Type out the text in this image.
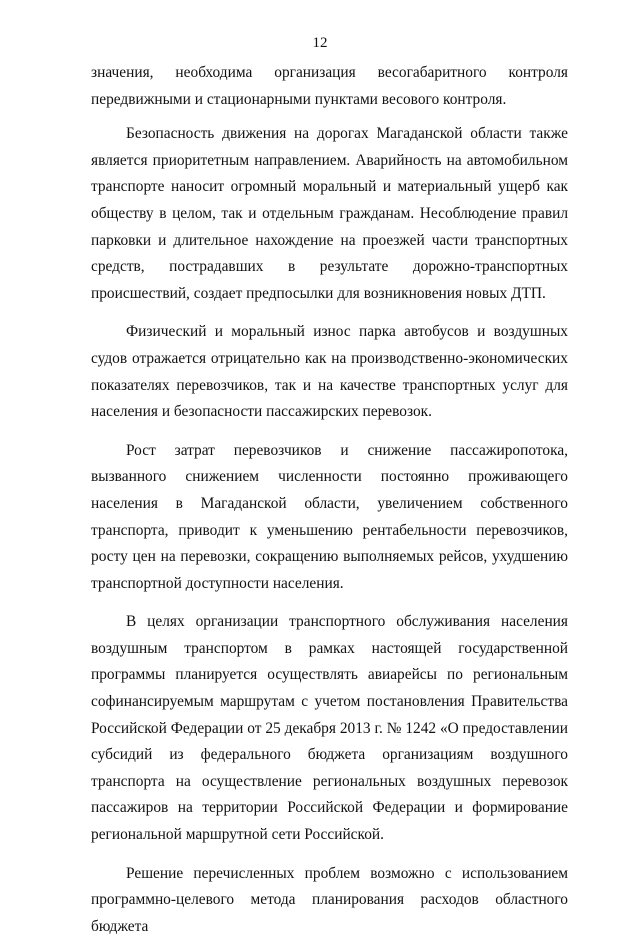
12

значения, необходима организация весогабаритного контроля передвижными и стационарными пунктами весового контроля.

Безопасность движения на дорогах Магаданской области также является приоритетным направлением. Аварийность на автомобильном транспорте наносит огромный моральный и материальный ущерб как обществу в целом, так и отдельным гражданам. Несоблюдение правил парковки и длительное нахождение на проезжей части транспортных средств, пострадавших в результате дорожно-транспортных происшествий, создает предпосылки для возникновения новых ДТП.

Физический и моральный износ парка автобусов и воздушных судов отражается отрицательно как на производственно-экономических показателях перевозчиков, так и на качестве транспортных услуг для населения и безопасности пассажирских перевозок.

Рост затрат перевозчиков и снижение пассажиропотока, вызванного снижением численности постоянно проживающего населения в Магаданской области, увеличением собственного транспорта, приводит к уменьшению рентабельности перевозчиков, росту цен на перевозки, сокращению выполняемых рейсов, ухудшению транспортной доступности населения.

В целях организации транспортного обслуживания населения воздушным транспортом в рамках настоящей государственной программы планируется осуществлять авиарейсы по региональным софинансируемым маршрутам с учетом постановления Правительства Российской Федерации от 25 декабря 2013 г. № 1242 «О предоставлении субсидий из федерального бюджета организациям воздушного транспорта на осуществление региональных воздушных перевозок пассажиров на территории Российской Федерации и формирование региональной маршрутной сети Российской.

Решение перечисленных проблем возможно с использованием программно-целевого метода планирования расходов областного бюджета
